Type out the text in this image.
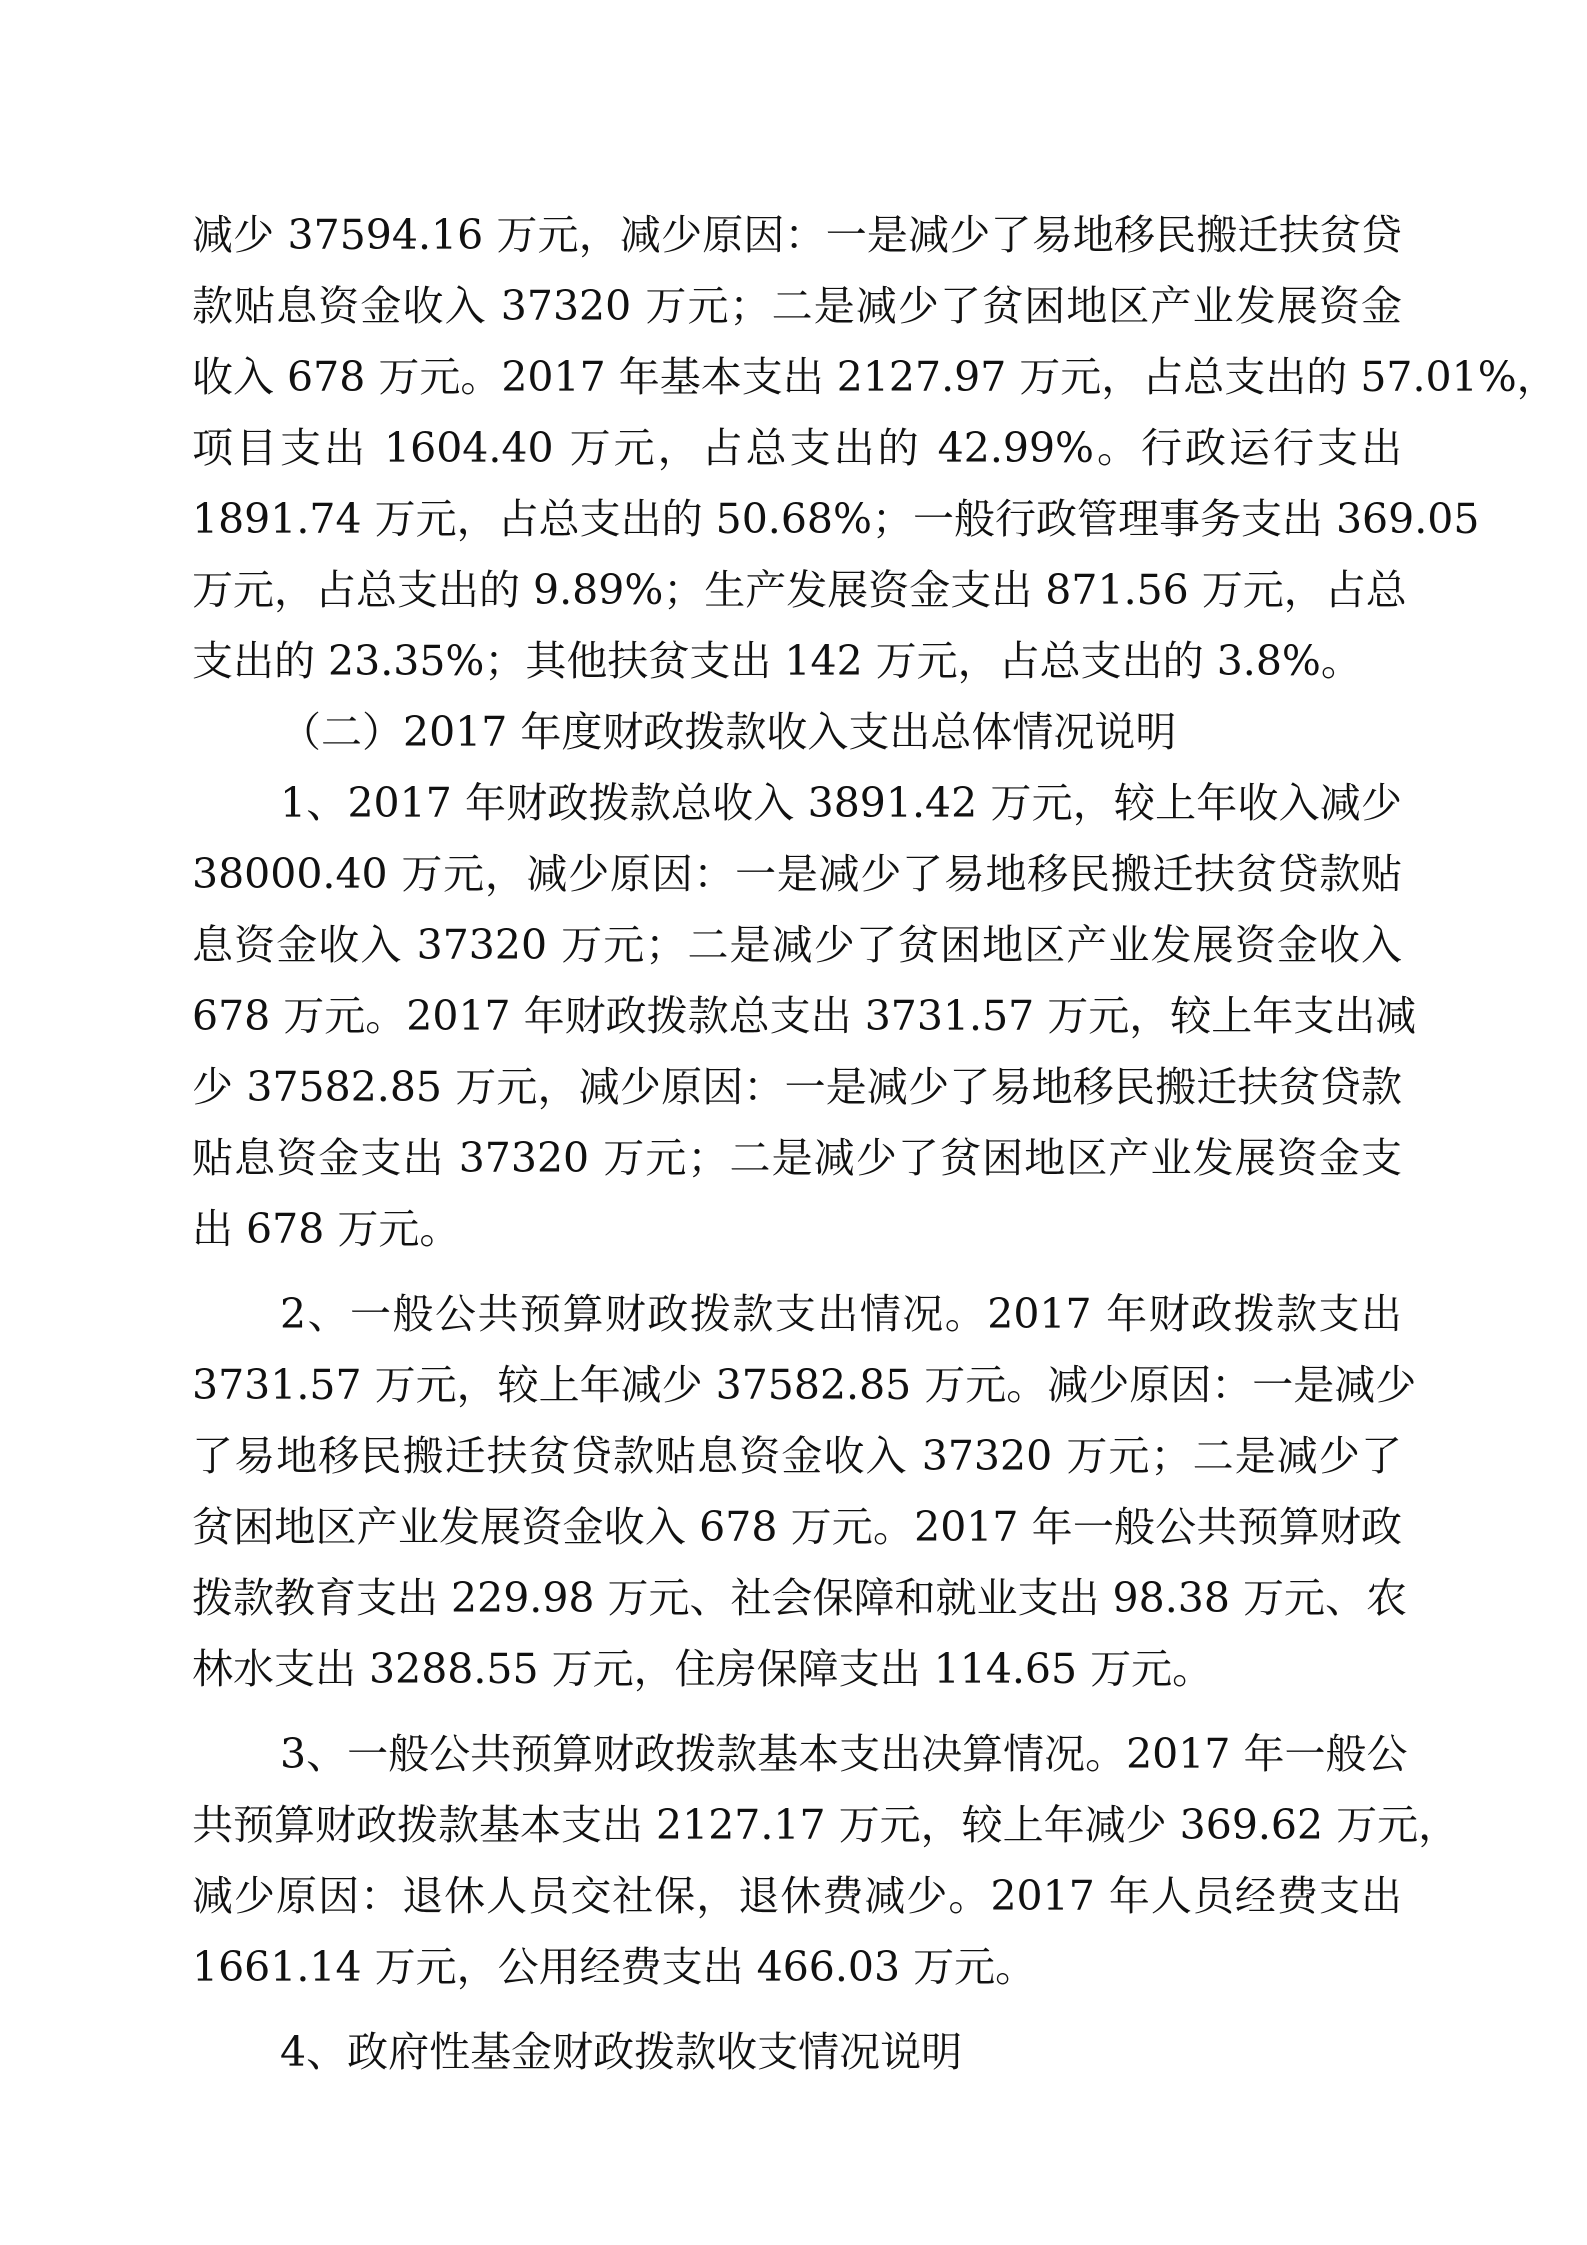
减少 37594.16 万元，减少原因：一是减少了易地移民搬迁扶贫贷
款贴息资金收入 37320 万元；二是减少了贫困地区产业发展资金
收入 678 万元。2017 年基本支出 2127.97 万元，占总支出的 57.01%，
项目支出 1604.40 万元，占总支出的 42.99%。行政运行支出
1891.74 万元，占总支出的 50.68%；一般行政管理事务支出 369.05
万元，占总支出的 9.89%；生产发展资金支出 871.56 万元，占总
支出的 23.35%；其他扶贫支出 142 万元，占总支出的 3.8%。
（二）2017 年度财政拨款收入支出总体情况说明
1、2017 年财政拨款总收入 3891.42 万元，较上年收入减少
38000.40 万元，减少原因：一是减少了易地移民搬迁扶贫贷款贴
息资金收入 37320 万元；二是减少了贫困地区产业发展资金收入
678 万元。2017 年财政拨款总支出 3731.57 万元，较上年支出减
少 37582.85 万元，减少原因：一是减少了易地移民搬迁扶贫贷款
贴息资金支出 37320 万元；二是减少了贫困地区产业发展资金支
出 678 万元。
2、一般公共预算财政拨款支出情况。2017 年财政拨款支出
3731.57 万元，较上年减少 37582.85 万元。减少原因：一是减少
了易地移民搬迁扶贫贷款贴息资金收入 37320 万元；二是减少了
贫困地区产业发展资金收入 678 万元。2017 年一般公共预算财政
拨款教育支出 229.98 万元、社会保障和就业支出 98.38 万元、农
林水支出 3288.55 万元，住房保障支出 114.65 万元。
3、一般公共预算财政拨款基本支出决算情况。2017 年一般公
共预算财政拨款基本支出 2127.17 万元，较上年减少 369.62 万元，
减少原因：退休人员交社保，退休费减少。2017 年人员经费支出
1661.14 万元，公用经费支出 466.03 万元。
4、政府性基金财政拨款收支情况说明
